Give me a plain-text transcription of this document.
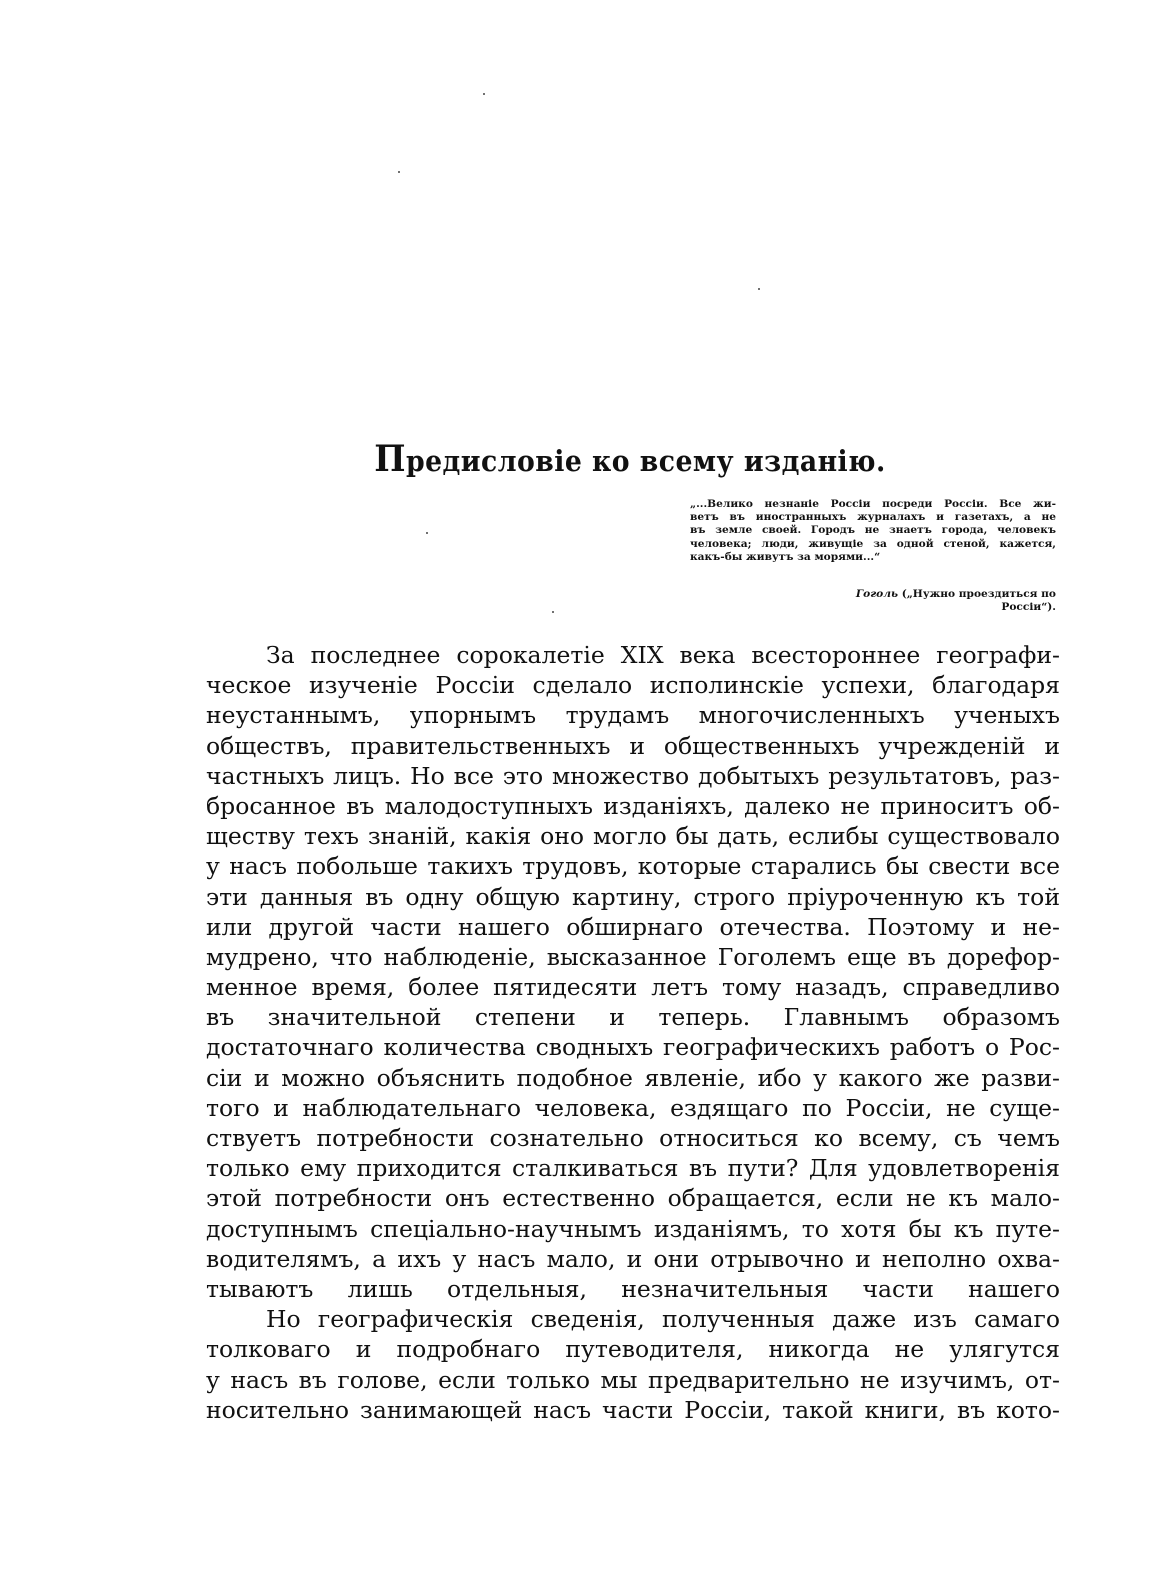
Предисловіе ко всему изданію.
„...Велико незнаніе Россіи посреди Россіи. Все жи-
ветъ въ иностранныхъ журналахъ и газетахъ, а не
въ земле своей. Городъ не знаетъ города, человекъ
человека; люди, живущіе за одной стеной, кажется,
какъ-бы живутъ за морями...“
Гоголь („Нужно проездиться по
Россіи“).
За последнее сорокалетіе XIX века всестороннее географи-
ческое изученіе Россіи сделало исполинскіе успехи, благодаря
неустаннымъ, упорнымъ трудамъ многочисленныхъ ученыхъ
обществъ, правительственныхъ и общественныхъ учрежденій и
частныхъ лицъ. Но все это множество добытыхъ результатовъ, раз-
бросанное въ малодоступныхъ изданіяхъ, далеко не приноситъ об-
ществу техъ знаній, какія оно могло бы дать, еслибы существовало
у насъ побольше такихъ трудовъ, которые старались бы свести все
эти данныя въ одну общую картину, строго пріуроченную къ той
или другой части нашего обширнаго отечества. Поэтому и не-
мудрено, что наблюденіе, высказанное Гоголемъ еще въ дорефор-
менное время, более пятидесяти летъ тому назадъ, справедливо
въ значительной степени и теперь. Главнымъ образомъ
достаточнаго количества сводныхъ географическихъ работъ о Рос-
сіи и можно объяснить подобное явленіе, ибо у какого же разви-
того и наблюдательнаго человека, ездящаго по Россіи, не суще-
ствуетъ потребности сознательно относиться ко всему, съ чемъ
только ему приходится сталкиваться въ пути? Для удовлетворенія
этой потребности онъ естественно обращается, если не къ мало-
доступнымъ спеціально-научнымъ изданіямъ, то хотя бы къ путе-
водителямъ, а ихъ у насъ мало, и они отрывочно и неполно охва-
тываютъ лишь отдельныя, незначительныя части нашего
Но географическія сведенія, полученныя даже изъ самаго
толковаго и подробнаго путеводителя, никогда не улягутся
у насъ въ голове, если только мы предварительно не изучимъ, от-
носительно занимающей насъ части Россіи, такой книги, въ кото-
